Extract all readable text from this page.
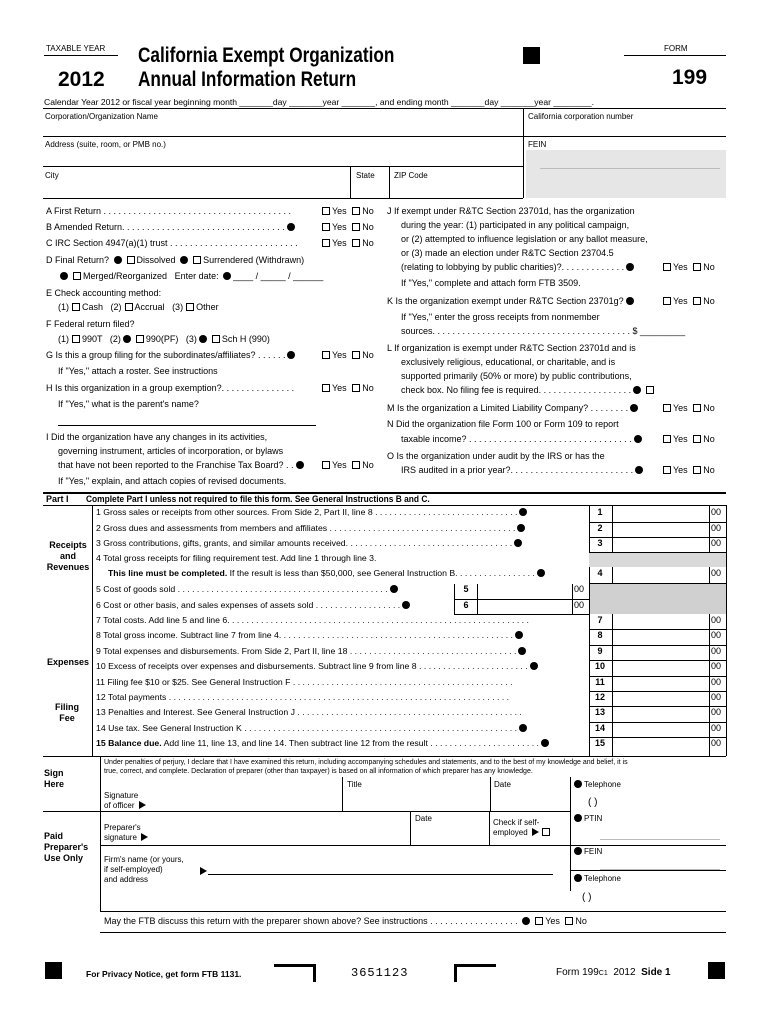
TAXABLE YEAR
2012
California Exempt Organization
Annual Information Return
FORM
199
Calendar Year 2012 or fiscal year beginning month _______day _______year _______, and ending month _______day _______year ________.
Corporation/Organization Name	California corporation number
Address (suite, room, or PMB no.)	FEIN
City	State ZIP Code
A First Return . . . . . . . . . . . . . . . . . . . . . . . . . . . . . . . . . . . . . .	Yes No
B Amended Return. . . . . . . . . . . . . . . . . . . . . . . . . . . . . . . . .	Yes No
C IRC Section 4947(a)(1) trust . . . . . . . . . . . . . . . . . . . . . . . . . .	Yes No
D Final Return?	Dissolved	Surrendered (Withdrawn)
Merged/Reorganized Enter date: ____ / _____ / ______
E Check accounting method:
(1) Cash (2) Accrual (3) Other
F Federal return filed?
(1) 990T (2)	990(PF) (3)	Sch H (990)
G Is this a group filing for the subordinates/affiliates? . . . . . .	Yes No
If "Yes," attach a roster. See instructions
H Is this organization in a group exemption?. . . . . . . . . . . . . . .	Yes No
If "Yes," what is the parent's name?
I Did the organization have any changes in its activities,
governing instrument, articles of incorporation, or bylaws
that have not been reported to the Franchise Tax Board? . .	Yes No
If "Yes," explain, and attach copies of revised documents.
J If exempt under R&TC Section 23701d, has the organization
during the year: (1) participated in any political campaign,
or (2) attempted to influence legislation or any ballot measure,
or (3) made an election under R&TC Section 23704.5
(relating to lobbying by public charities)?. . . . . . . . . . . . .	Yes No
If "Yes," complete and attach form FTB 3509.
K Is the organization exempt under R&TC Section 23701g?	Yes No
If "Yes," enter the gross receipts from nonmember
sources. . . . . . . . . . . . . . . . . . . . . . . . . . . . . . . . . . . . . . . . $ _________
L If organization is exempt under R&TC Section 23701d and is
exclusively religious, educational, or charitable, and is
supported primarily (50% or more) by public contributions,
check box. No filing fee is required. . . . . . . . . . . . . . . . . . .
M Is the organization a Limited Liability Company? . . . . . . . .	Yes No
N Did the organization file Form 100 or Form 109 to report
taxable income? . . . . . . . . . . . . . . . . . . . . . . . . . . . . . . . . .	Yes No
O Is the organization under audit by the IRS or has the
IRS audited in a prior year?. . . . . . . . . . . . . . . . . . . . . . . . .	Yes No
Part I Complete Part I unless not required to file this form. See General Instructions B and C.
Receipts and Revenues
Expenses
Filing Fee
1 Gross sales or receipts from other sources. From Side 2, Part II, line 8 . . . . . . . . . . . . . . . . . . . . . . . . . . . . . .	1	00
2 Gross dues and assessments from members and affiliates . . . . . . . . . . . . . . . . . . . . . . . . . . . . . . . . . . . . . . .	2	00
3 Gross contributions, gifts, grants, and similar amounts received. . . . . . . . . . . . . . . . . . . . . . . . . . . . . . . . . . .	3	00
4 Total gross receipts for filing requirement test. Add line 1 through line 3.
This line must be completed. If the result is less than $50,000, see General Instruction B. . . . . . . . . . . . . . . . .	4	00
5 Cost of goods sold . . . . . . . . . . . . . . . . . . . . . . . . . . . . . . . . . . . . . . . . . . . .	5	00
6 Cost or other basis, and sales expenses of assets sold . . . . . . . . . . . . . . . . . .	6	00
7 Total costs. Add line 5 and line 6. . . . . . . . . . . . . . . . . . . . . . . . . . . . . . . . . . . . . . . . . . . . . . . . . . . . . . . . . . . . . . .	7	00
8 Total gross income. Subtract line 7 from line 4. . . . . . . . . . . . . . . . . . . . . . . . . . . . . . . . . . . . . . . . . . . . . . . . .	8	00
9 Total expenses and disbursements. From Side 2, Part II, line 18 . . . . . . . . . . . . . . . . . . . . . . . . . . . . . . . . . . .	9	00
10 Excess of receipts over expenses and disbursements. Subtract line 9 from line 8 . . . . . . . . . . . . . . . . . . . . . . .	10	00
11 Filing fee $10 or $25. See General Instruction F . . . . . . . . . . . . . . . . . . . . . . . . . . . . . . . . . . . . . . . . . . . . . .	11	00
12 Total payments . . . . . . . . . . . . . . . . . . . . . . . . . . . . . . . . . . . . . . . . . . . . . . . . . . . . . . . . . . . . . . . . . . . . . . .	12	00
13 Penalties and Interest. See General Instruction J . . . . . . . . . . . . . . . . . . . . . . . . . . . . . . . . . . . . . . . . . . . . . . .	13	00
14 Use tax. See General Instruction K . . . . . . . . . . . . . . . . . . . . . . . . . . . . . . . . . . . . . . . . . . . . . . . . . . . . . . . . .	14	00
15 Balance due. Add line 11, line 13, and line 14. Then subtract line 12 from the result . . . . . . . . . . . . . . . . . . . . . . .	15	00
Under penalties of perjury, I declare that I have examined this return, including accompanying schedules and statements, and to the best of my knowledge and belief, it is
true, correct, and complete. Declaration of preparer (other than taxpayer) is based on all information of which preparer has any knowledge.
Sign Here	Title	Date	Telephone
Signature
of officer	( )
Paid Preparer's Use Only
Preparer's
signature
Date	Check if self-
employed
PTIN
FEIN
Firm's name (or yours,
if self-employed)
and address	Telephone
( )
May the FTB discuss this return with the preparer shown above? See instructions . . . . . . . . . . . . . . . . . .	Yes No
For Privacy Notice, get form FTB 1131.	3651123	Form 199C1 2012 Side 1
